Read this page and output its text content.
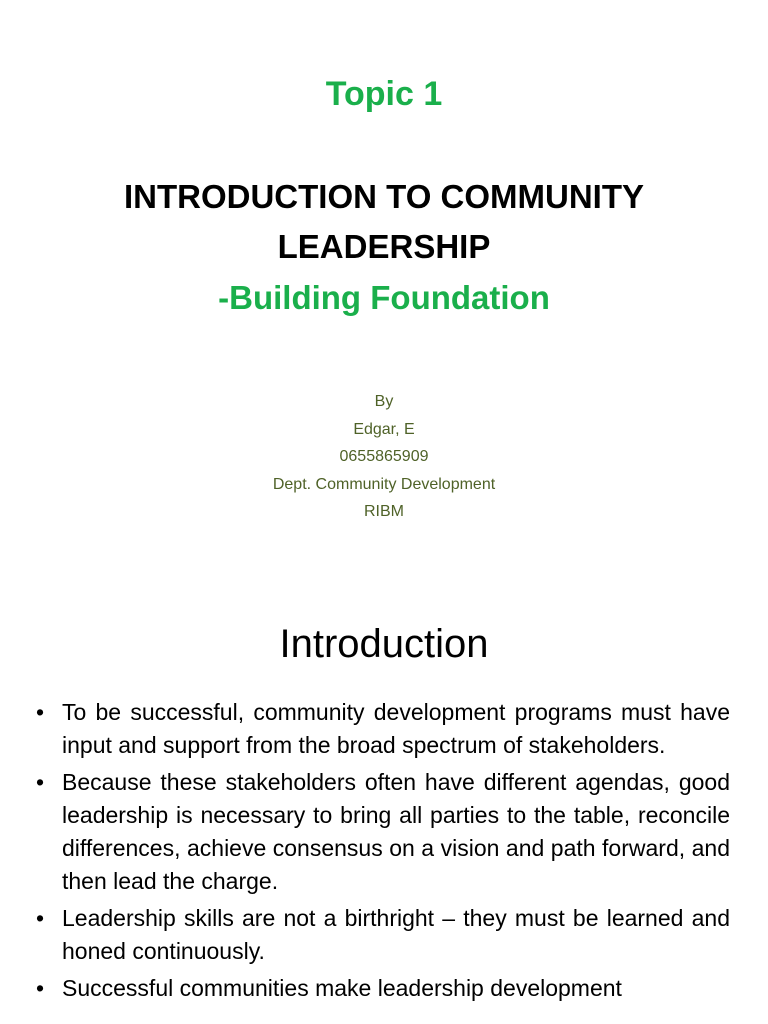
Topic 1
INTRODUCTION TO COMMUNITY
LEADERSHIP
-Building Foundation
By
Edgar, E
0655865909
Dept. Community Development
RIBM
Introduction
• To be successful, community development programs must have input and support from the broad spectrum of stakeholders.
• Because these stakeholders often have different agendas, good leadership is necessary to bring all parties to the table, reconcile differences, achieve consensus on a vision and path forward, and then lead the charge.
• Leadership skills are not a birthright – they must be learned and honed continuously.
• Successful communities make leadership development
